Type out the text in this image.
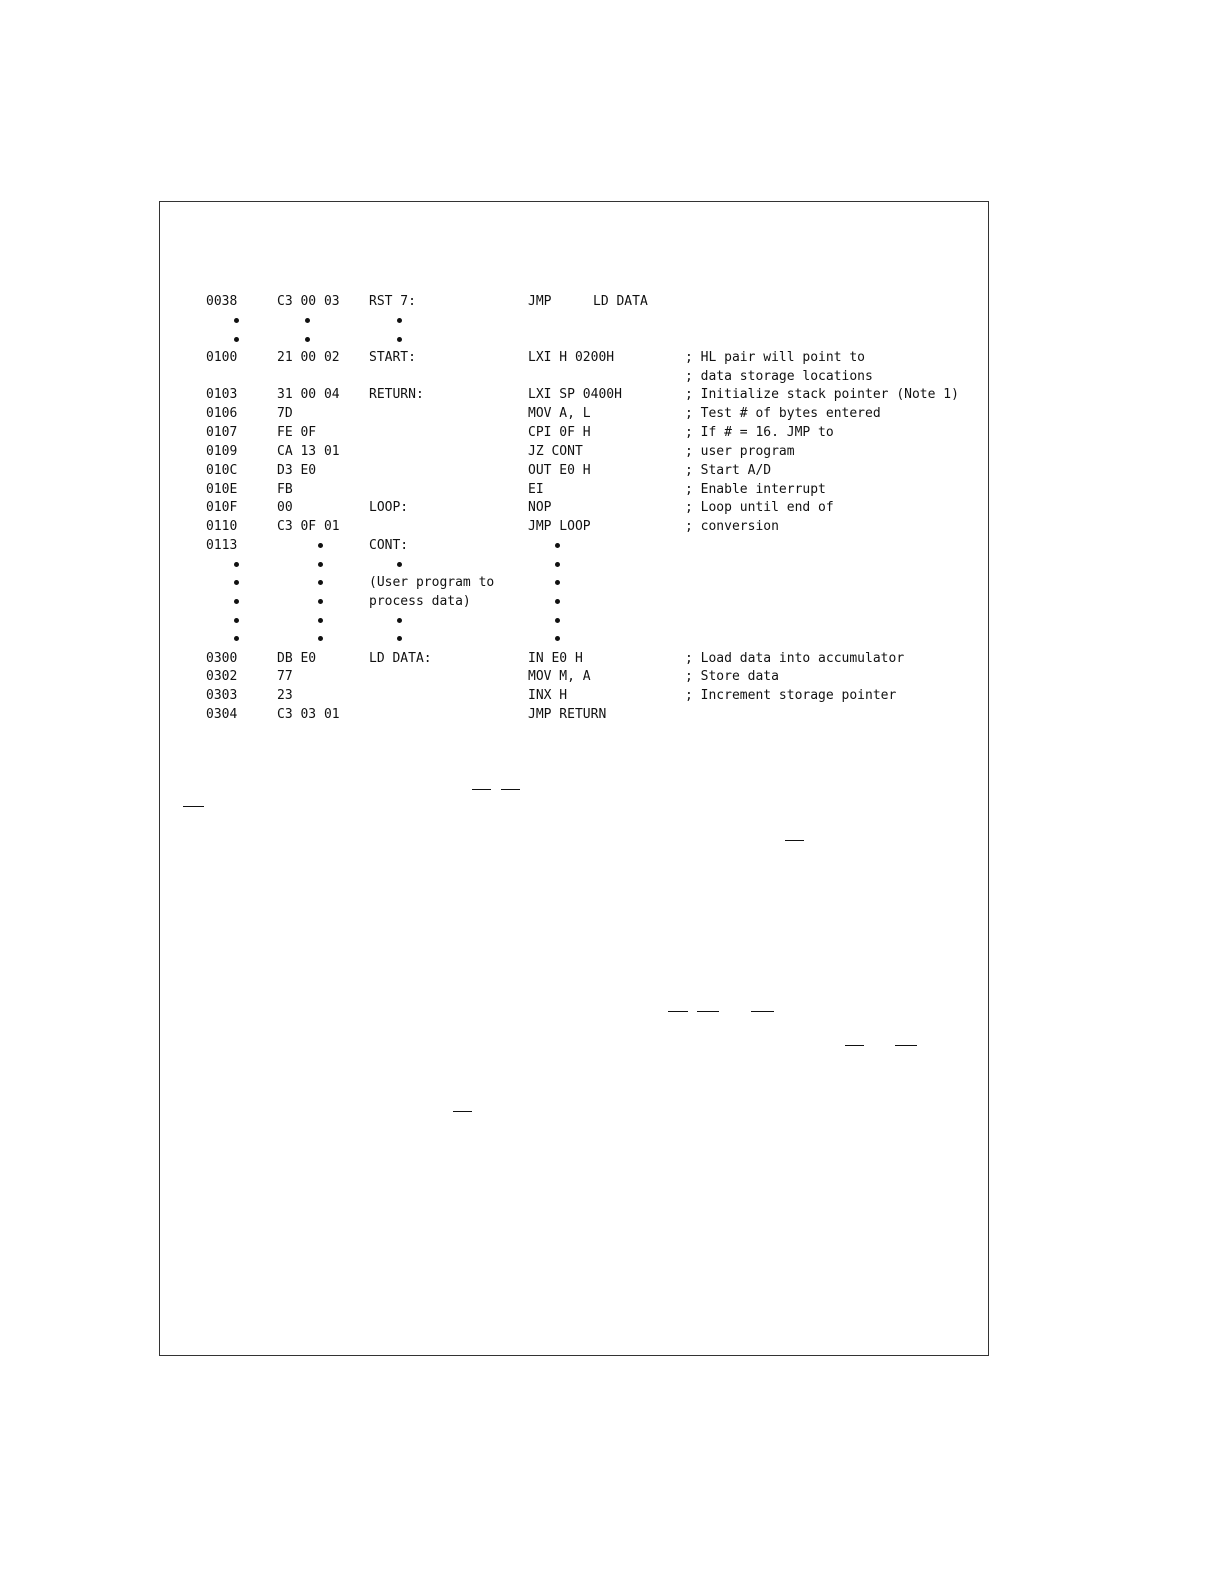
0038	C3 00 03 RST 7:	JMP	LD DATA
0100	21 00 02 START:	LXI H 0200H	; HL pair will point to
; data storage locations
0103	31 00 04 RETURN:	LXI SP 0400H	; Initialize stack pointer (Note 1)
0106	7D	MOV A, L	; Test # of bytes entered
0107	FE 0F	CPI 0F H	; If # = 16. JMP to
0109	CA 13 01	JZ CONT	; user program
010C	D3 E0	OUT E0 H	; Start A/D
010E	FB	EI	; Enable interrupt
010F	00	LOOP:	NOP	; Loop until end of
0110	C3 0F 01	JMP LOOP	; conversion
0113	CONT:
(User program to
process data)
0300	DB E0	LD DATA:	IN E0 H	; Load data into accumulator
0302	77	MOV M, A	; Store data
0303	23	INX H	; Increment storage pointer
0304	C3 03 01	JMP RETURN
